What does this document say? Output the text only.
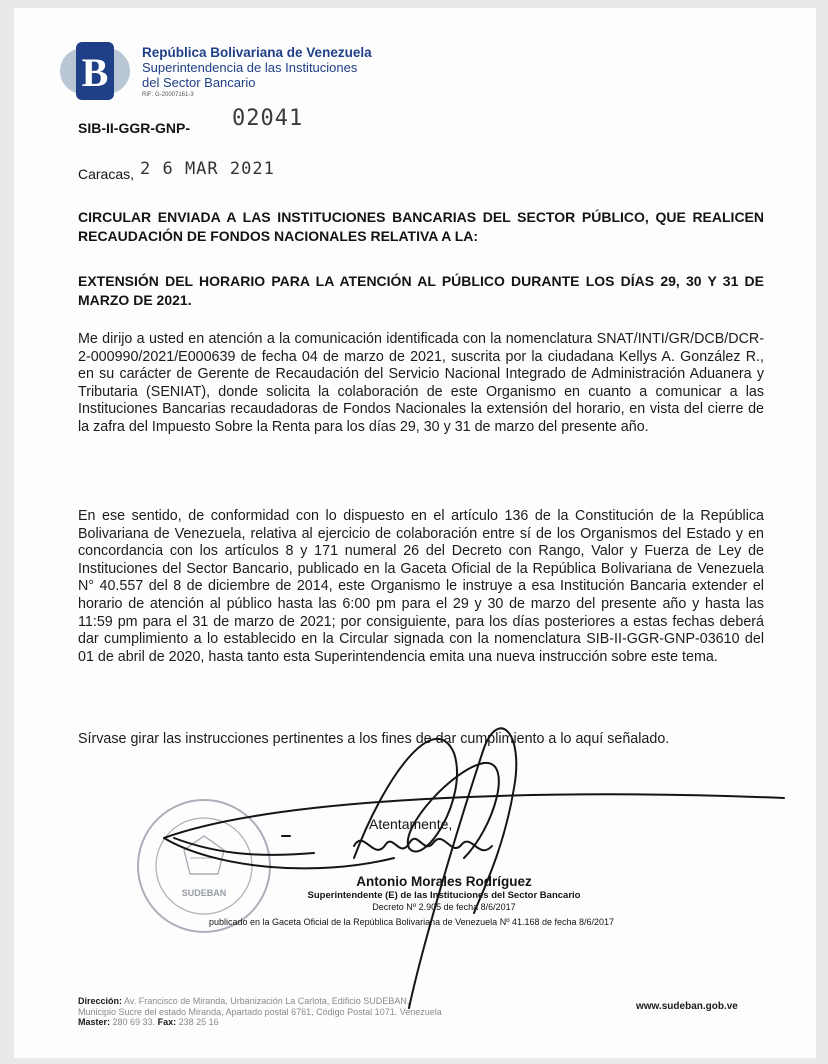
B República Bolivariana de Venezuela
Superintendencia de las Instituciones
del Sector Bancario
RIF: G-20007161-3
SIB-II-GGR-GNP- 02041
Caracas, 2 6 MAR 2021
CIRCULAR ENVIADA A LAS INSTITUCIONES BANCARIAS DEL SECTOR PÚBLICO, QUE REALICEN RECAUDACIÓN DE FONDOS NACIONALES RELATIVA A LA:
EXTENSIÓN DEL HORARIO PARA LA ATENCIÓN AL PÚBLICO DURANTE LOS DÍAS 29, 30 Y 31 DE MARZO DE 2021.

Me dirijo a usted en atención a la comunicación identificada con la nomenclatura SNAT/INTI/GR/DCB/DCR-2-000990/2021/E000639 de fecha 04 de marzo de 2021, suscrita por la ciudadana Kellys A. González R., en su carácter de Gerente de Recaudación del Servicio Nacional Integrado de Administración Aduanera y Tributaria (SENIAT), donde solicita la colaboración de este Organismo en cuanto a comunicar a las Instituciones Bancarias recaudadoras de Fondos Nacionales la extensión del horario, en vista del cierre de la zafra del Impuesto Sobre la Renta para los días 29, 30 y 31 de marzo del presente año.

En ese sentido, de conformidad con lo dispuesto en el artículo 136 de la Constitución de la República Bolivariana de Venezuela, relativa al ejercicio de colaboración entre sí de los Organismos del Estado y en concordancia con los artículos 8 y 171 numeral 26 del Decreto con Rango, Valor y Fuerza de Ley de Instituciones del Sector Bancario, publicado en la Gaceta Oficial de la República Bolivariana de Venezuela N° 40.557 del 8 de diciembre de 2014, este Organismo le instruye a esa Institución Bancaria extender el horario de atención al público hasta las 6:00 pm para el 29 y 30 de marzo del presente año y hasta las 11:59 pm para el 31 de marzo de 2021; por consiguiente, para los días posteriores a estas fechas deberá dar cumplimiento a lo establecido en la Circular signada con la nomenclatura SIB-II-GGR-GNP-03610 del 01 de abril de 2020, hasta tanto esta Superintendencia emita una nueva instrucción sobre este tema.

Sírvase girar las instrucciones pertinentes a los fines de dar cumplimiento a lo aquí señalado.

SUDEBAN
Atentamente,
Antonio Morales Rodríguez
Superintendente (E) de las Instituciones del Sector Bancario
Decreto Nº 2.905 de fecha 8/6/2017
publicado en la Gaceta Oficial de la República Bolivariana de Venezuela Nº 41.168 de fecha 8/6/2017
Dirección: Av. Francisco de Miranda, Urbanización La Carlota, Edificio SUDEBAN,
Municipio Sucre del estado Miranda, Apartado postal 6761, Código Postal 1071. Venezuela
Master: 280 69 33. Fax: 238 25 16
www.sudeban.gob.ve
